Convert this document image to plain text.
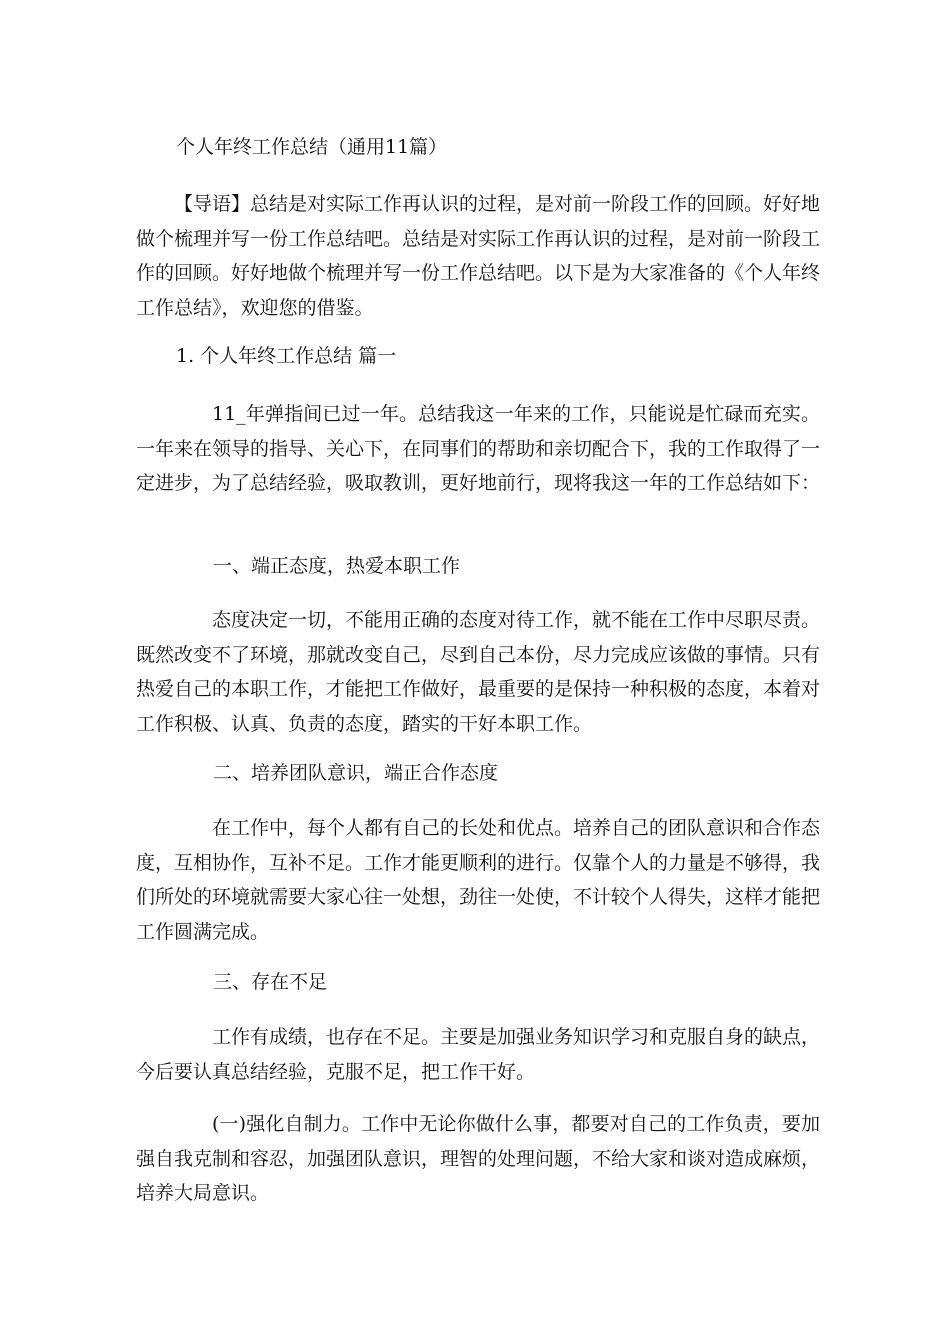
个人年终工作总结（通用11篇）

【导语】总结是对实际工作再认识的过程，是对前一阶段工作的回顾。好好地做个梳理并写一份工作总结吧。总结是对实际工作再认识的过程，是对前一阶段工作的回顾。好好地做个梳理并写一份工作总结吧。以下是为大家准备的《个人年终工作总结》，欢迎您的借鉴。

1. 个人年终工作总结 篇一

11_年弹指间已过一年。总结我这一年来的工作，只能说是忙碌而充实。一年来在领导的指导、关心下，在同事们的帮助和亲切配合下，我的工作取得了一定进步，为了总结经验，吸取教训，更好地前行，现将我这一年的工作总结如下：

一、端正态度，热爱本职工作

态度决定一切，不能用正确的态度对待工作，就不能在工作中尽职尽责。既然改变不了环境，那就改变自己，尽到自己本份，尽力完成应该做的事情。只有热爱自己的本职工作，才能把工作做好，最重要的是保持一种积极的态度，本着对工作积极、认真、负责的态度，踏实的干好本职工作。

二、培养团队意识，端正合作态度

在工作中，每个人都有自己的长处和优点。培养自己的团队意识和合作态度，互相协作，互补不足。工作才能更顺利的进行。仅靠个人的力量是不够得，我们所处的环境就需要大家心往一处想，劲往一处使，不计较个人得失，这样才能把工作圆满完成。

三、存在不足

工作有成绩，也存在不足。主要是加强业务知识学习和克服自身的缺点，今后要认真总结经验，克服不足，把工作干好。

(一)强化自制力。工作中无论你做什么事，都要对自己的工作负责，要加强自我克制和容忍，加强团队意识，理智的处理问题，不给大家和谈对造成麻烦，培养大局意识。
